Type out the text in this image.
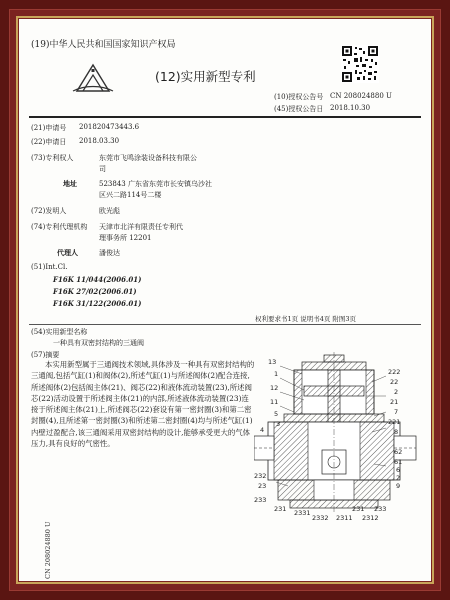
(19)中华人民共和国国家知识产权局
(12)实用新型专利
(10)授权公告号 CN 208024880 U
(45)授权公告日 2018.10.30
(21)申请号 201820473443.6
(22)申请日 2018.03.30
(73)专利权人	东莞市飞鸣涂装设备科技有限公
司
地址	523843 广东省东莞市长安镇乌沙社
区兴二路114号二楼
(72)发明人	欧光彪
(74)专利代理机构 天津市北洋有限责任专利代
理事务所 12201
代理人	潘俊达
(51)Int.Cl.
F16K 11/044(2006.01)
F16K 27/02(2006.01)
F16K 31/122(2006.01)
权利要求书1页 说明书4页 附图3页
(54)实用新型名称
一种具有双密封结构的三通阀
(57)摘要
本实用新型属于三通阀技术领域,具体涉及一种具有双密封结构的三通阀,包括气缸(1)和阀体(2),所述气缸(1)与所述阀体(2)配合连接,所述阀体(2)包括阀主体(21)、阀芯(22)和液体流动装置(23),所述阀芯(22)活动设置于所述阀主体(21)的内部,所述液体流动装置(23)连接于所述阀主体(21)上,所述阀芯(22)套设有第一密封圈(3)和第二密封圈(4),且所述第一密封圈(3)和所述第二密封圈(4)均与所述气缸(1)内壁过盈配合,该三通阀采用双密封结构的设计,能够承受更大的气体压力,具有良好的气密性。
13
1
12
11
5
3
4
222
22
2
21
7
221
8
62
61
6
2
9
232
23
233
231 2331
2332
231 233
2311 2312
CN 208024880 U
